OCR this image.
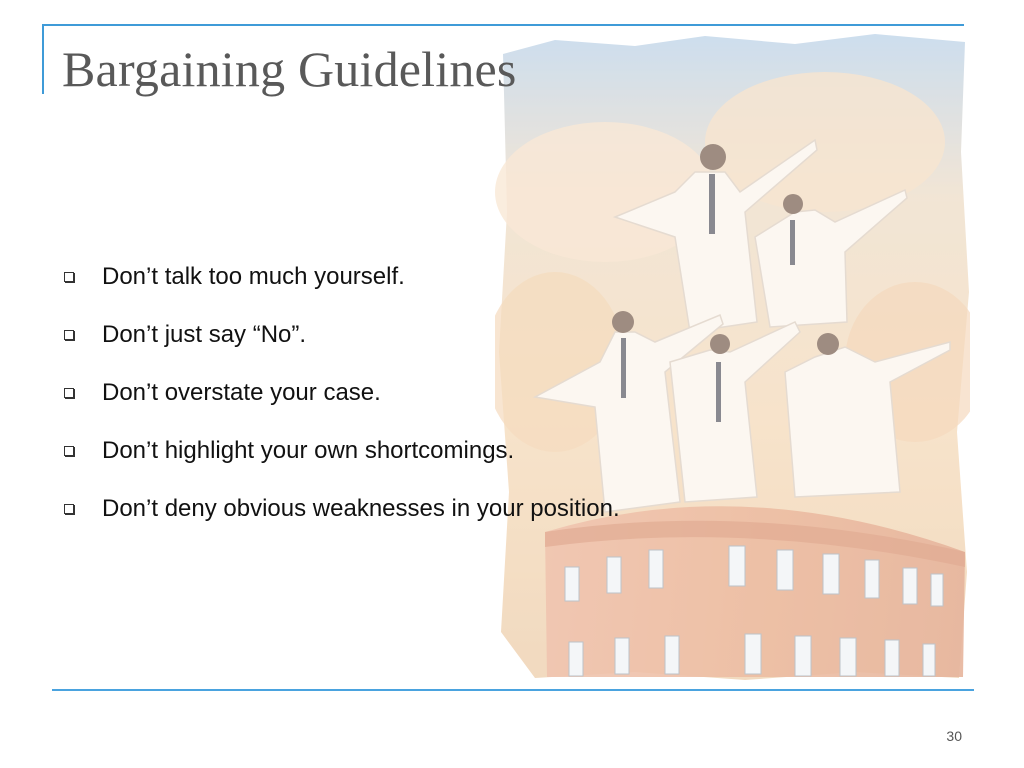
Bargaining Guidelines
Don’t talk too much yourself.
Don’t just say “No”.
Don’t overstate your case.
Don’t highlight your own shortcomings.
Don’t deny obvious weaknesses in your position.
30
